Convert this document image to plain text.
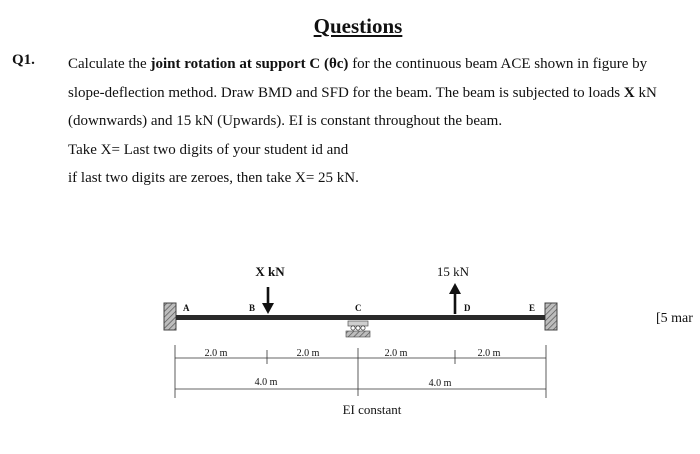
Questions
Q1. Calculate the joint rotation at support C (θc) for the continuous beam ACE shown in figure by slope-deflection method. Draw BMD and SFD for the beam. The beam is subjected to loads X kN (downwards) and 15 kN (Upwards). EI is constant throughout the beam.

Take X= Last two digits of your student id and

if last two digits are zeroes, then take X= 25 kN.

[5 mar
X kN	15 kN
A	B	C	D	E
2.0 m	2.0 m	2.0 m	2.0 m
4.0 m	4.0 m
EI constant
